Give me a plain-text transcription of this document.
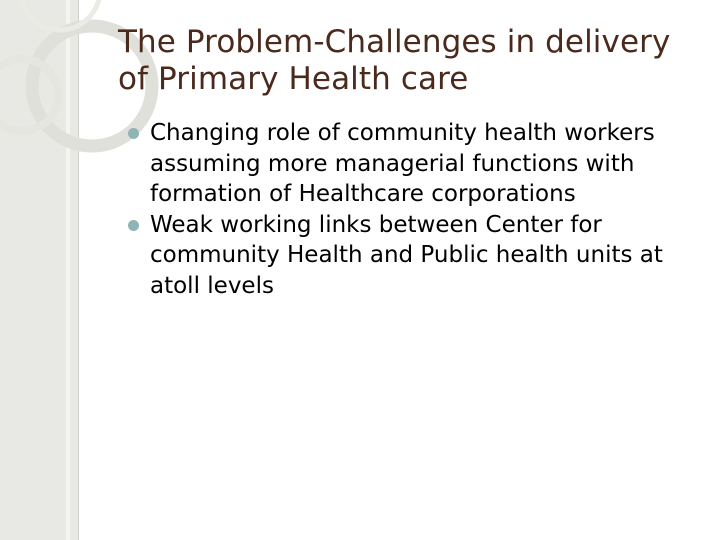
The Problem-Challenges in delivery of Primary Health care
Changing role of community health workers assuming more managerial functions with formation of Healthcare corporations
Weak working links between Center for community Health and Public health units at atoll levels
